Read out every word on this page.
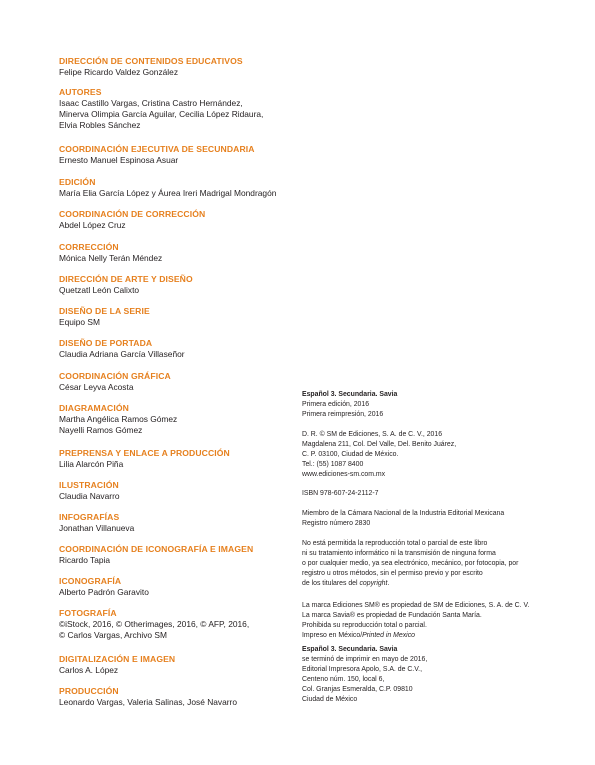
DIRECCIÓN DE CONTENIDOS EDUCATIVOS
Felipe Ricardo Valdez González
AUTORES
Isaac Castillo Vargas, Cristina Castro Hernández,
Minerva Olimpia García Aguilar, Cecilia López Ridaura,
Elvia Robles Sánchez
COORDINACIÓN EJECUTIVA DE SECUNDARIA
Ernesto Manuel Espinosa Asuar
EDICIÓN
María Elia García López y Áurea Ireri Madrigal Mondragón
COORDINACIÓN DE CORRECCIÓN
Abdel López Cruz
CORRECCIÓN
Mónica Nelly Terán Méndez
DIRECCIÓN DE ARTE Y DISEÑO
Quetzatl León Calixto
DISEÑO DE LA SERIE
Equipo SM
DISEÑO DE PORTADA
Claudia Adriana García Villaseñor
COORDINACIÓN GRÁFICA
César Leyva Acosta
DIAGRAMACIÓN
Martha Angélica Ramos Gómez
Nayelli Ramos Gómez
PREPRENSA Y ENLACE A PRODUCCIÓN
Lilia Alarcón Piña
ILUSTRACIÓN
Claudia Navarro
INFOGRAFÍAS
Jonathan Villanueva
COORDINACIÓN DE ICONOGRAFÍA E IMAGEN
Ricardo Tapia
ICONOGRAFÍA
Alberto Padrón Garavito
FOTOGRAFÍA
©iStock, 2016, © Otherimages, 2016, © AFP, 2016,
© Carlos Vargas, Archivo SM
DIGITALIZACIÓN E IMAGEN
Carlos A. López
PRODUCCIÓN
Leonardo Vargas, Valeria Salinas, José Navarro

Español 3. Secundaria. Savia

Primera edición, 2016

Primera reimpresión, 2016

D. R. © SM de Ediciones, S. A. de C. V., 2016

Magdalena 211, Col. Del Valle, Del. Benito Juárez,

C. P. 03100, Ciudad de México.

Tel.: (55) 1087 8400

www.ediciones-sm.com.mx

ISBN 978-607-24-2112-7

Miembro de la Cámara Nacional de la Industria Editorial Mexicana

Registro número 2830

No está permitida la reproducción total o parcial de este libro

ni su tratamiento informático ni la transmisión de ninguna forma

o por cualquier medio, ya sea electrónico, mecánico, por fotocopia, por

registro u otros métodos, sin el permiso previo y por escrito

de los titulares del copyright.

La marca Ediciones SM® es propiedad de SM de Ediciones, S. A. de C. V.

La marca Savia® es propiedad de Fundación Santa María.

Prohibida su reproducción total o parcial.

Impreso en México/Printed in Mexico

Español 3. Secundaria. Savia

se terminó de imprimir en mayo de 2016,

Editorial Impresora Apolo, S.A. de C.V.,

Centeno núm. 150, local 6,

Col. Granjas Esmeralda, C.P. 09810

Ciudad de México
